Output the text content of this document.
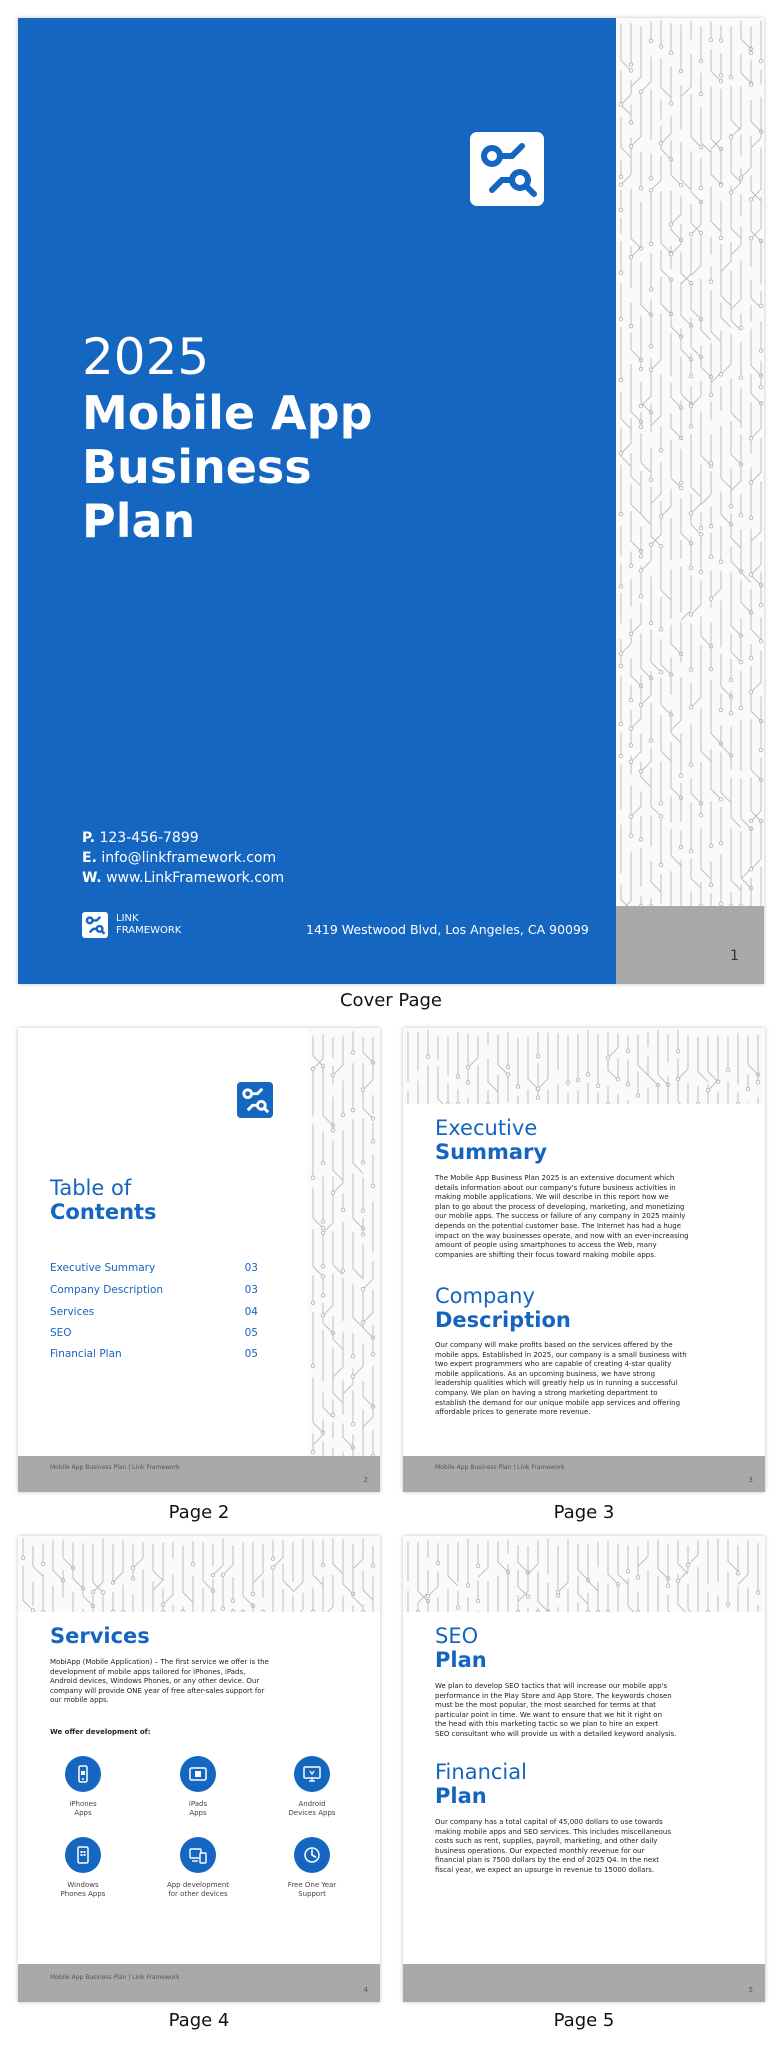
2025
Mobile App
Business
Plan
P. 123-456-7899
E. info@linkframework.com
W. www.LinkFramework.com
LINK
FRAMEWORK	1419 Westwood Blvd, Los Angeles, CA 90099
1
Cover Page
Table of
Contents
Executive Summary	03
Company Description	03
Services	04
SEO	05
Financial Plan	05
Mobile App Business Plan | Link Framework
2
Page 2
Executive
Summary
The Mobile App Business Plan 2025 is an extensive document which
details information about our company's future business activities in
making mobile applications. We will describe in this report how we
plan to go about the process of developing, marketing, and monetizing
our mobile apps. The success or failure of any company in 2025 mainly
depends on the potential customer base. The Internet has had a huge
impact on the way businesses operate, and now with an ever-increasing
amount of people using smartphones to access the Web, many
companies are shifting their focus toward making mobile apps.
Company
Description
Our company will make profits based on the services offered by the
mobile apps. Established in 2025, our company is a small business with
two expert programmers who are capable of creating 4-star quality
mobile applications. As an upcoming business, we have strong
leadership qualities which will greatly help us in running a successful
company. We plan on having a strong marketing department to
establish the demand for our unique mobile app services and offering
affordable prices to generate more revenue.
Mobile App Business Plan | Link Framework
3
Page 3
Services
MobiApp (Mobile Application) – The first service we offer is the
development of mobile apps tailored for iPhones, iPads,
Android devices, Windows Phones, or any other device. Our
company will provide ONE year of free after-sales support for
our mobile apps.
We offer development of:
iPhones
Apps
iPads
Apps
Android
Devices Apps
Windows
Phones Apps
App development
for other devices
Free One Year
Support
Mobile App Business Plan | Link Framework
4
Page 4
SEO
Plan
We plan to develop SEO tactics that will increase our mobile app's
performance in the Play Store and App Store. The keywords chosen
must be the most popular, the most searched for terms at that
particular point in time. We want to ensure that we hit it right on
the head with this marketing tactic so we plan to hire an expert
SEO consultant who will provide us with a detailed keyword analysis.
Financial
Plan
Our company has a total capital of 45,000 dollars to use towards
making mobile apps and SEO services. This includes miscellaneous
costs such as rent, supplies, payroll, marketing, and other daily
business operations. Our expected monthly revenue for our
financial plan is 7500 dollars by the end of 2025 Q4. In the next
fiscal year, we expect an upsurge in revenue to 15000 dollars.
5
Page 5
